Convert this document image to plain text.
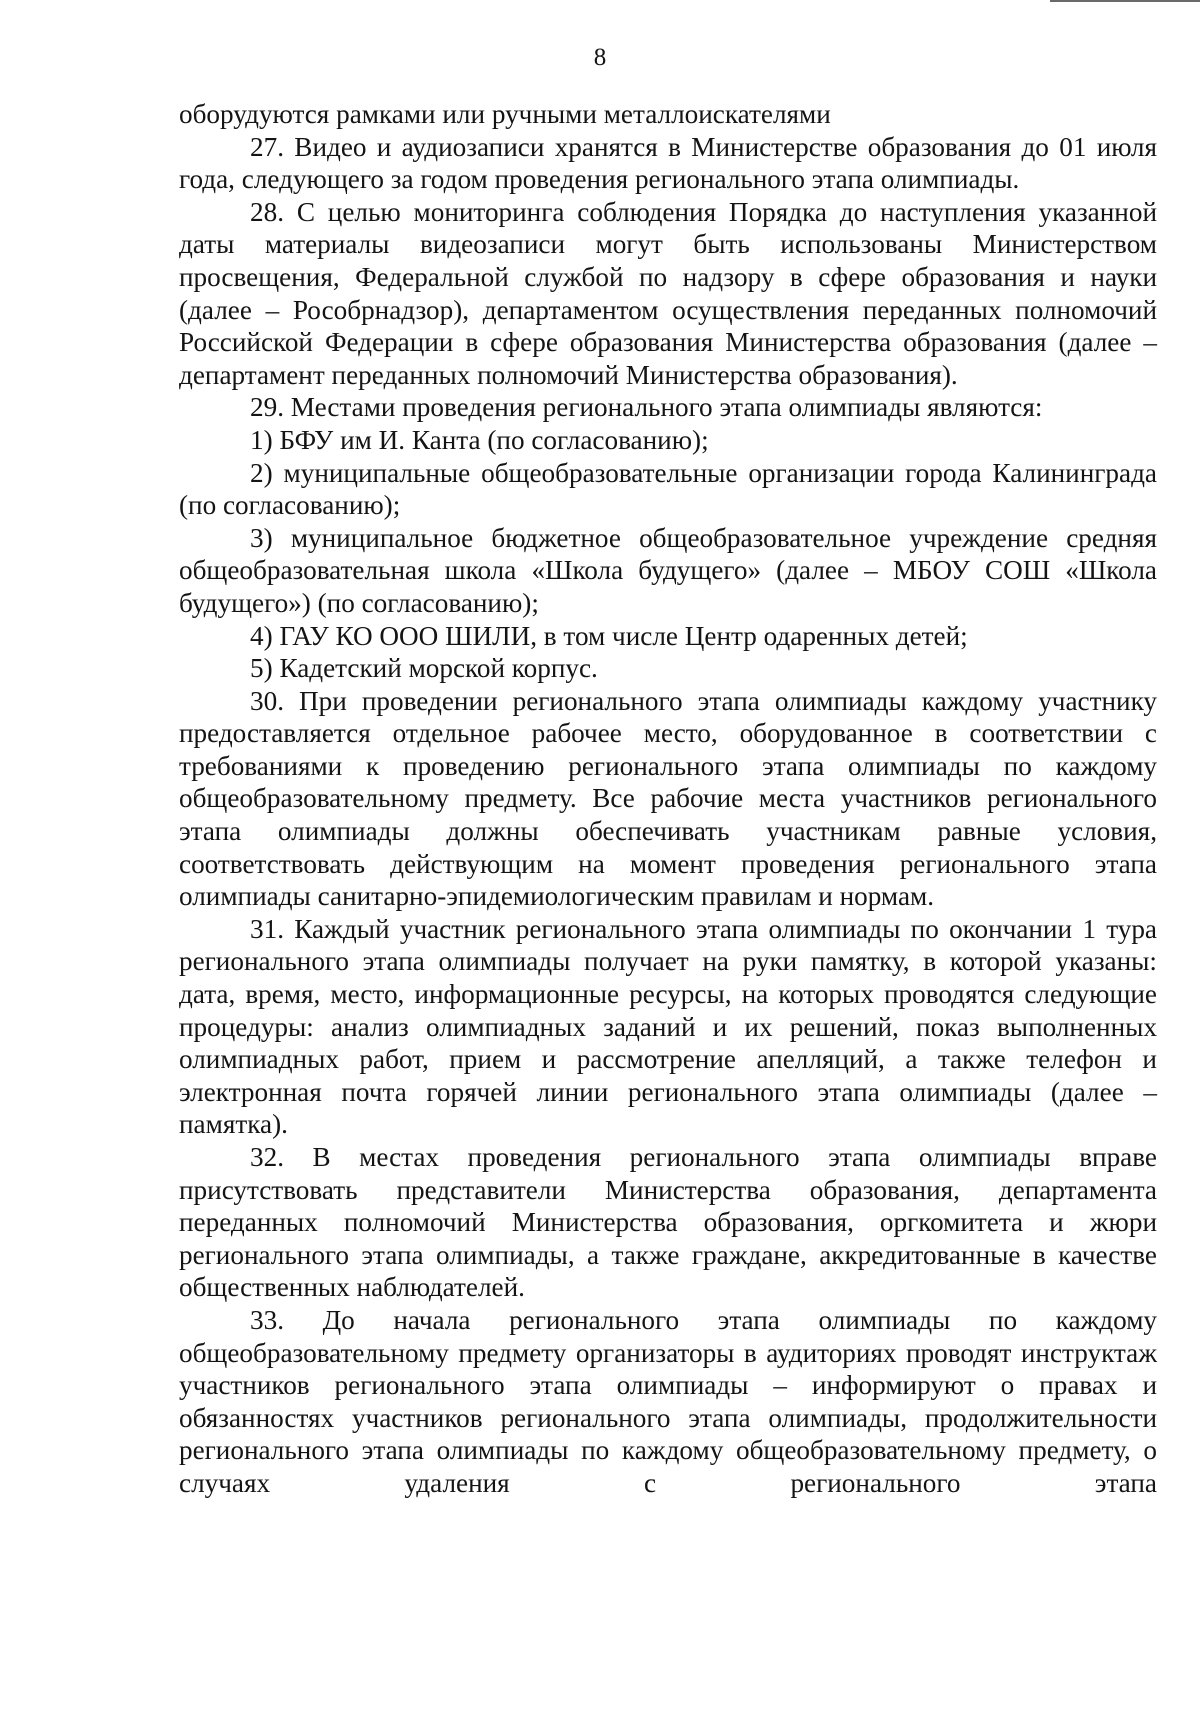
8

оборудуются рамками или ручными металлоискателями

27. Видео и аудиозаписи хранятся в Министерстве образования до 01 июля года, следующего за годом проведения регионального этапа олимпиады.

28. С целью мониторинга соблюдения Порядка до наступления указанной даты материалы видеозаписи могут быть использованы Министерством просвещения, Федеральной службой по надзору в сфере образования и науки (далее – Рособрнадзор), департаментом осуществления переданных полномочий Российской Федерации в сфере образования Министерства образования (далее – департамент переданных полномочий Министерства образования).

29. Местами проведения регионального этапа олимпиады являются:

1) БФУ им И. Канта (по согласованию);

2) муниципальные общеобразовательные организации города Калининграда (по согласованию);

3) муниципальное бюджетное общеобразовательное учреждение средняя общеобразовательная школа «Школа будущего» (далее – МБОУ СОШ «Школа будущего») (по согласованию);

4) ГАУ КО ООО ШИЛИ, в том числе Центр одаренных детей;

5) Кадетский морской корпус.

30. При проведении регионального этапа олимпиады каждому участнику предоставляется отдельное рабочее место, оборудованное в соответствии с требованиями к проведению регионального этапа олимпиады по каждому общеобразовательному предмету. Все рабочие места участников регионального этапа олимпиады должны обеспечивать участникам равные условия, соответствовать действующим на момент проведения регионального этапа олимпиады санитарно-эпидемиологическим правилам и нормам.

31. Каждый участник регионального этапа олимпиады по окончании 1 тура регионального этапа олимпиады получает на руки памятку, в которой указаны: дата, время, место, информационные ресурсы, на которых проводятся следующие процедуры: анализ олимпиадных заданий и их решений, показ выполненных олимпиадных работ, прием и рассмотрение апелляций, а также телефон и электронная почта горячей линии регионального этапа олимпиады (далее – памятка).

32. В местах проведения регионального этапа олимпиады вправе присутствовать представители Министерства образования, департамента переданных полномочий Министерства образования, оргкомитета и жюри регионального этапа олимпиады, а также граждане, аккредитованные в качестве общественных наблюдателей.

33. До начала регионального этапа олимпиады по каждому общеобразовательному предмету организаторы в аудиториях проводят инструктаж участников регионального этапа олимпиады – информируют о правах и обязанностях участников регионального этапа олимпиады, продолжительности регионального этапа олимпиады по каждому общеобразовательному предмету, о случаях удаления с регионального этапа
